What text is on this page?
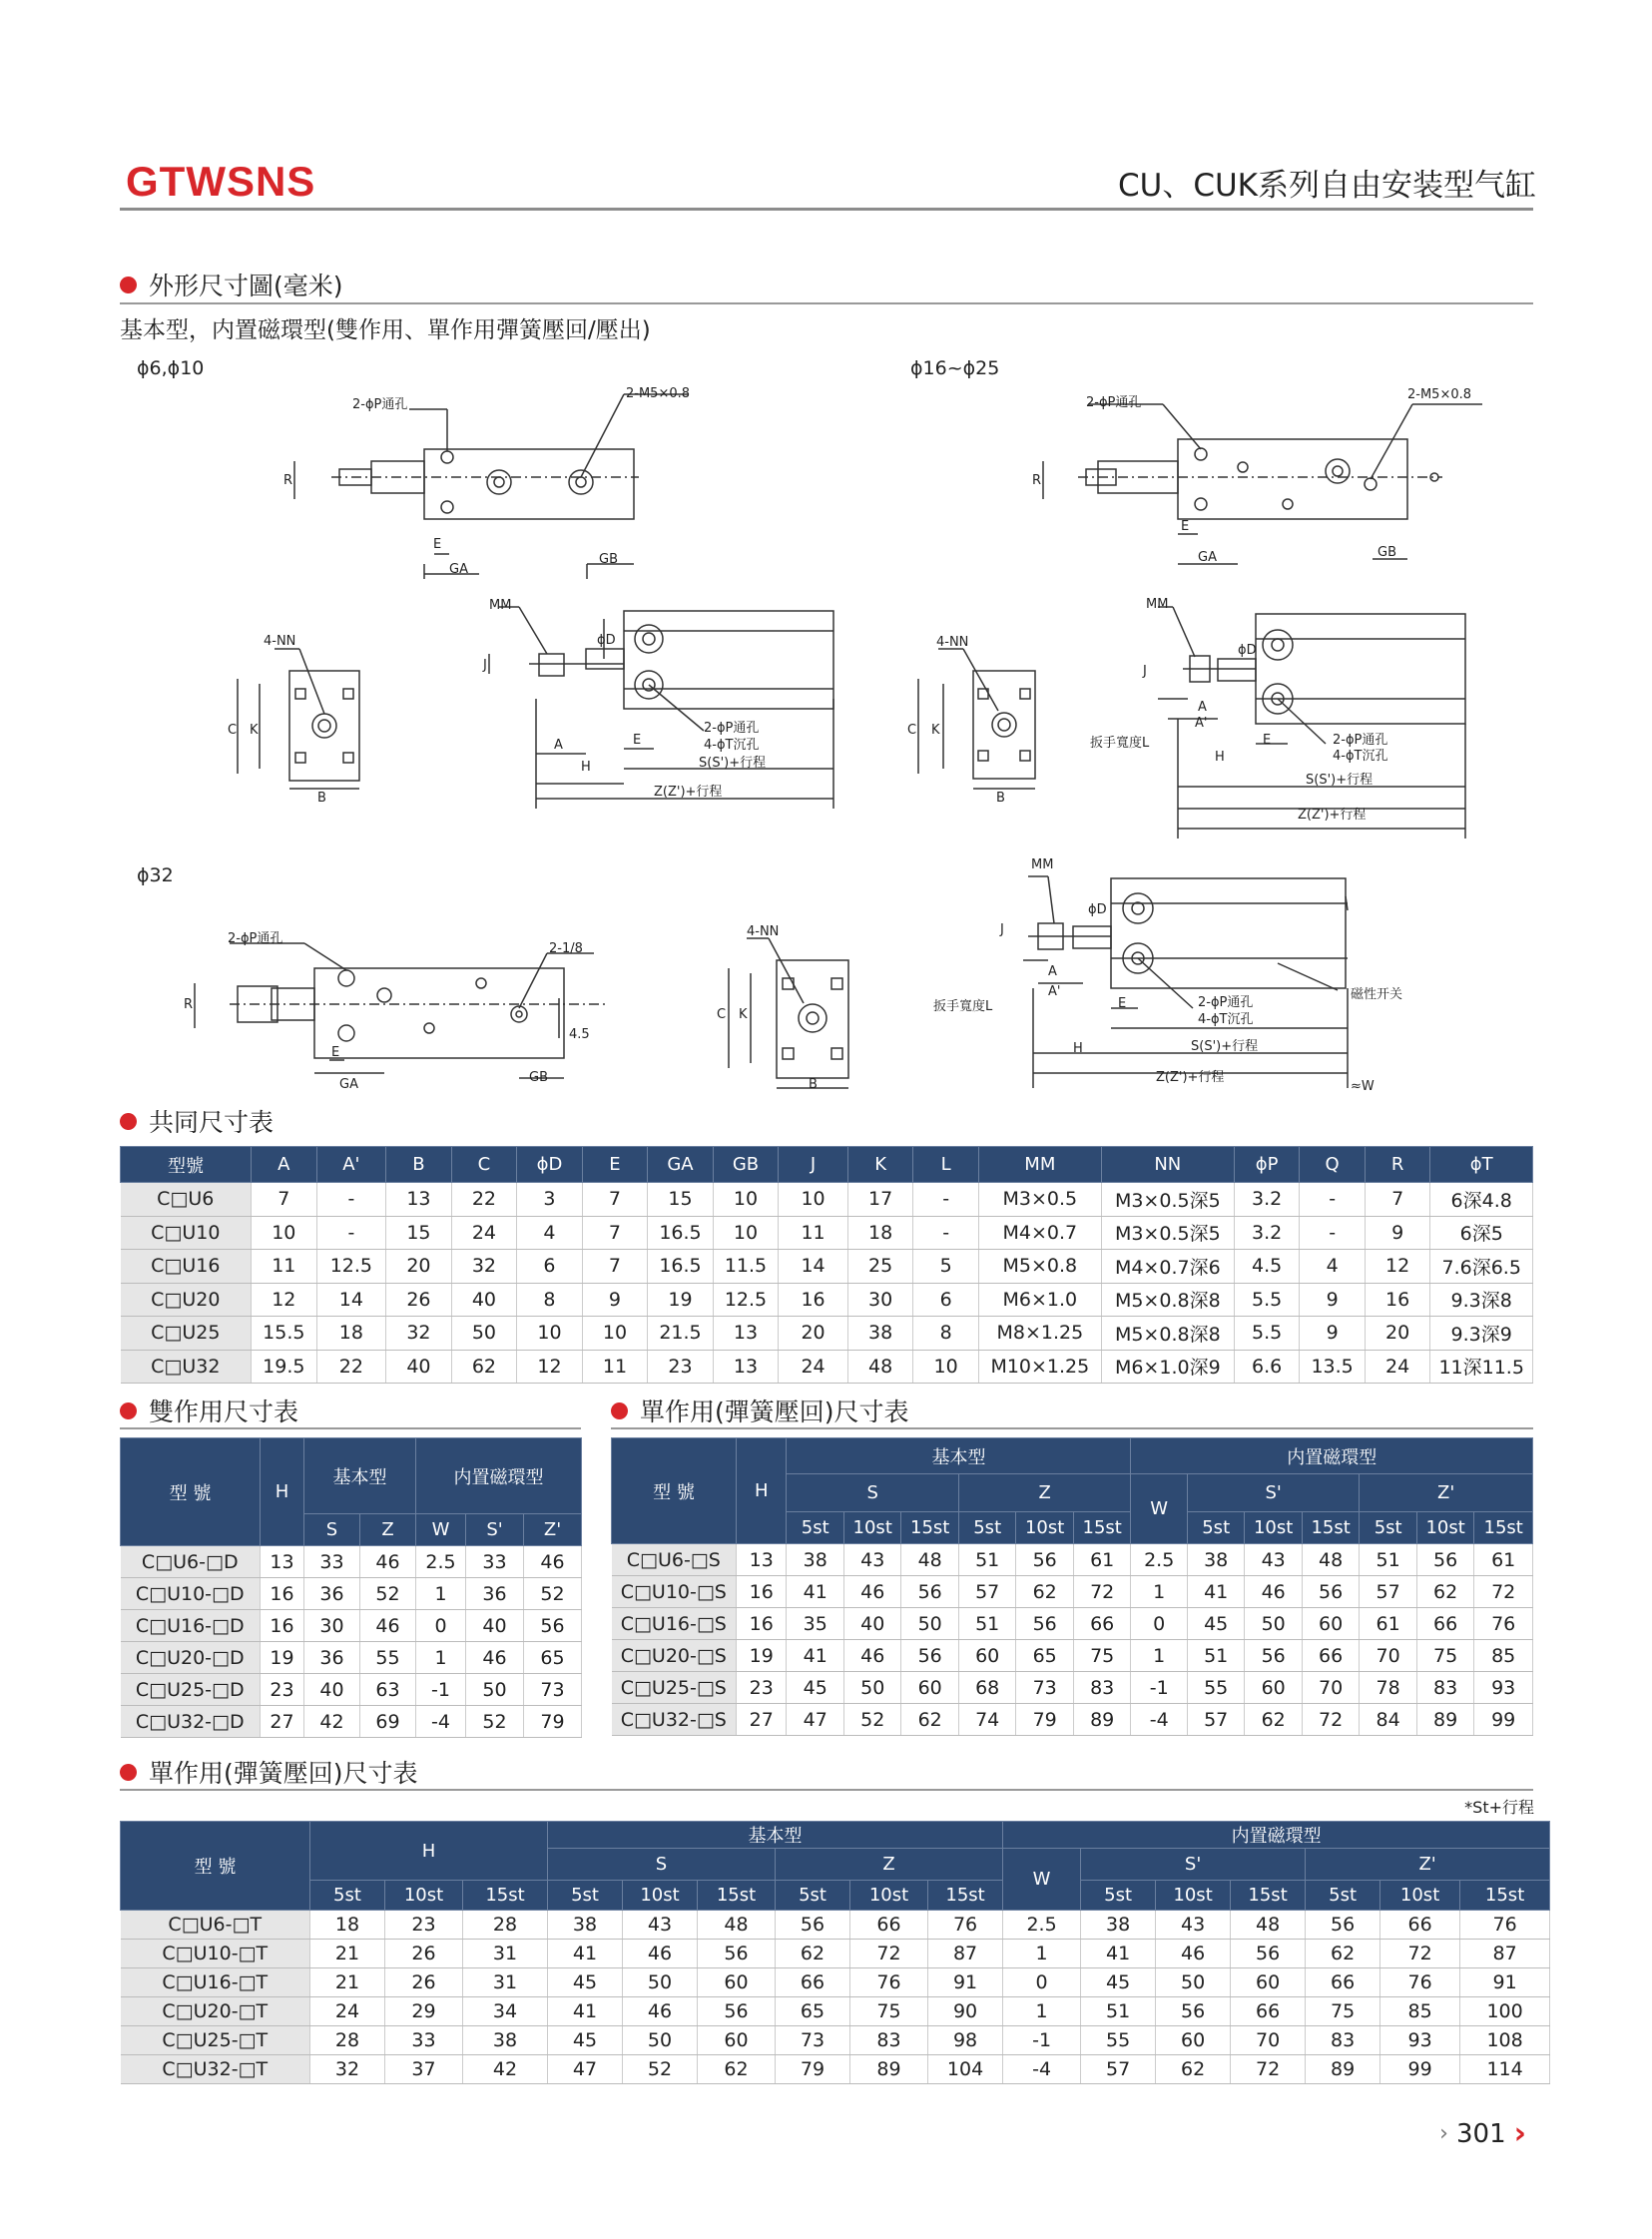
GTWSNS	CU、CUK系列自由安装型气缸
外形尺寸圖(毫米)
基本型，内置磁環型(雙作用、單作用彈簧壓回/壓出)
ϕ6,ϕ10	ϕ16~ϕ25
ϕ32
2-ϕP通孔
2-M5×0.8
R
E
GA
GB
4-NN
C K
B
MM
J
ϕD
A	E
H
2-ϕP通孔
4-ϕT沉孔
S(S')+行程
Z(Z')+行程
2-ϕP通孔
2-M5×0.8
R
E
GA	GB
4-NN
C K
B
MM
J
ϕD
A
A'
扳手寬度L
H
E	2-ϕP通孔
4-ϕT沉孔
S(S')+行程
Z(Z')+行程
2-ϕP通孔
2-1/8
R
4.5
E
GA	GB
4-NN
C K
B
MM
J
ϕD
A
A'
扳手寬度L	E
H
2-ϕP通孔
4-ϕT沉孔
S(S')+行程
Z(Z')+行程
磁性开关
≈W
共同尺寸表
型號	A	A'	B	C	ϕD	E	GA	GB	J	K	L	MM	NN	ϕP	Q	R	ϕT
C□U6	7	-	13	22	3	7	15	10	10	17	-	M3×0.5	M3×0.5深5	3.2	-	7	6深4.8
C□U10	10	-	15	24	4	7	16.5	10	11	18	-	M4×0.7	M3×0.5深5	3.2	-	9	6深5
C□U16	11	12.5	20	32	6	7	16.5	11.5	14	25	5	M5×0.8	M4×0.7深6	4.5	4	12	7.6深6.5
C□U20	12	14	26	40	8	9	19	12.5	16	30	6	M6×1.0	M5×0.8深8	5.5	9	16	9.3深8
C□U25	15.5	18	32	50	10	10	21.5	13	20	38	8	M8×1.25	M5×0.8深8	5.5	9	20	9.3深9
C□U32	19.5	22	40	62	12	11	23	13	24	48	10	M10×1.25	M6×1.0深9	6.6	13.5	24	11深11.5
雙作用尺寸表
型 號	H	基本型		内置磁環型		
		S	Z	W	S'	Z'
C□U6-□D	13	33	46	2.5	33	46
C□U10-□D	16	36	52	1	36	52
C□U16-□D	16	30	46	0	40	56
C□U20-□D	19	36	55	1	46	65
C□U25-□D	23	40	63	-1	50	73
C□U32-□D	27	42	69	-4	52	79
單作用(彈簧壓回)尺寸表
型 號	H	基本型						内置磁環型						
		S			Z			W	S'			Z'		
		5st	10st	15st	5st	10st	15st		5st	10st	15st	5st	10st	15st
C□U6-□S	13	38	43	48	51	56	61	2.5	38	43	48	51	56	61
C□U10-□S	16	41	46	56	57	62	72	1	41	46	56	57	62	72
C□U16-□S	16	35	40	50	51	56	66	0	45	50	60	61	66	76
C□U20-□S	19	41	46	56	60	65	75	1	51	56	66	70	75	85
C□U25-□S	23	45	50	60	68	73	83	-1	55	60	70	78	83	93
C□U32-□S	27	47	52	62	74	79	89	-4	57	62	72	84	89	99
單作用(彈簧壓回)尺寸表
*St+行程
型 號	H			基本型						内置磁環型						
				S			Z			W	S'			Z'		
	5st	10st	15st	5st	10st	15st	5st	10st	15st		5st	10st	15st	5st	10st	15st
C□U6-□T	18	23	28	38	43	48	56	66	76	2.5	38	43	48	56	66	76
C□U10-□T	21	26	31	41	46	56	62	72	87	1	41	46	56	62	72	87
C□U16-□T	21	26	31	45	50	60	66	76	91	0	45	50	60	66	76	91
C□U20-□T	24	29	34	41	46	56	65	75	90	1	51	56	66	75	85	100
C□U25-□T	28	33	38	45	50	60	73	83	98	-1	55	60	70	83	93	108
C□U32-□T	32	37	42	47	52	62	79	89	104	-4	57	62	72	89	99	114
› 301 ›
